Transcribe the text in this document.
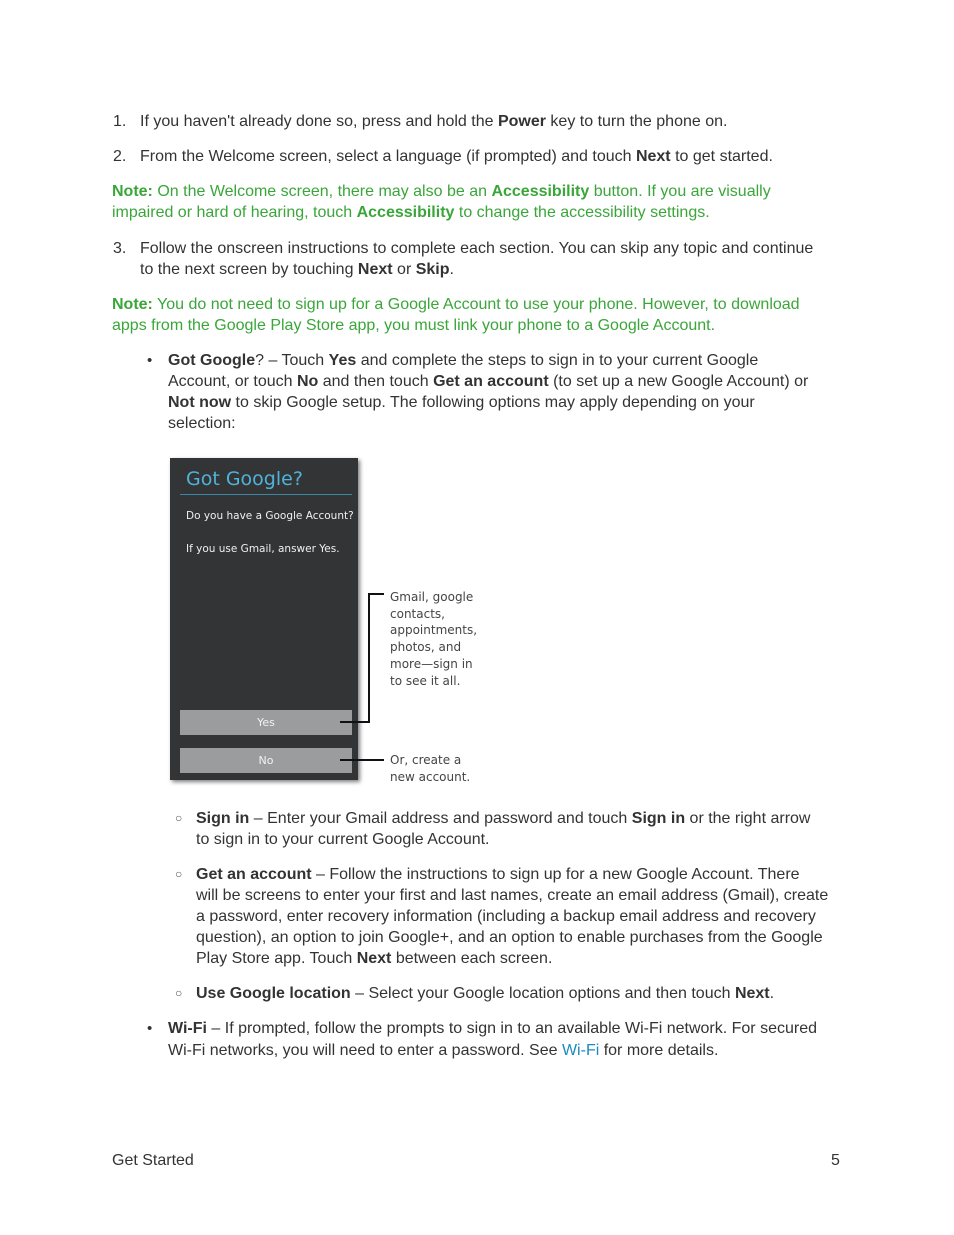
1. If you haven't already done so, press and hold the Power key to turn the phone on.
2. From the Welcome screen, select a language (if prompted) and touch Next to get started.
Note: On the Welcome screen, there may also be an Accessibility button. If you are visually
impaired or hard of hearing, touch Accessibility to change the accessibility settings.
3. Follow the onscreen instructions to complete each section. You can skip any topic and continue
to the next screen by touching Next or Skip.
Note: You do not need to sign up for a Google Account to use your phone. However, to download
apps from the Google Play Store app, you must link your phone to a Google Account.
• Got Google? – Touch Yes and complete the steps to sign in to your current Google
Account, or touch No and then touch Get an account (to set up a new Google Account) or
Not now to skip Google setup. The following options may apply depending on your
selection:
Got Google?
Do you have a Google Account?
If you use Gmail, answer Yes.
Yes
No
Gmail, google
contacts,
appointments,
photos, and
more—sign in
to see it all.
Or, create a
new account.
○ Sign in – Enter your Gmail address and password and touch Sign in or the right arrow
to sign in to your current Google Account.
○ Get an account – Follow the instructions to sign up for a new Google Account. There
will be screens to enter your first and last names, create an email address (Gmail), create
a password, enter recovery information (including a backup email address and recovery
question), an option to join Google+, and an option to enable purchases from the Google
Play Store app. Touch Next between each screen.
○ Use Google location – Select your Google location options and then touch Next.
• Wi-Fi – If prompted, follow the prompts to sign in to an available Wi-Fi network. For secured
Wi-Fi networks, you will need to enter a password. See Wi-Fi for more details.
Get Started	5
